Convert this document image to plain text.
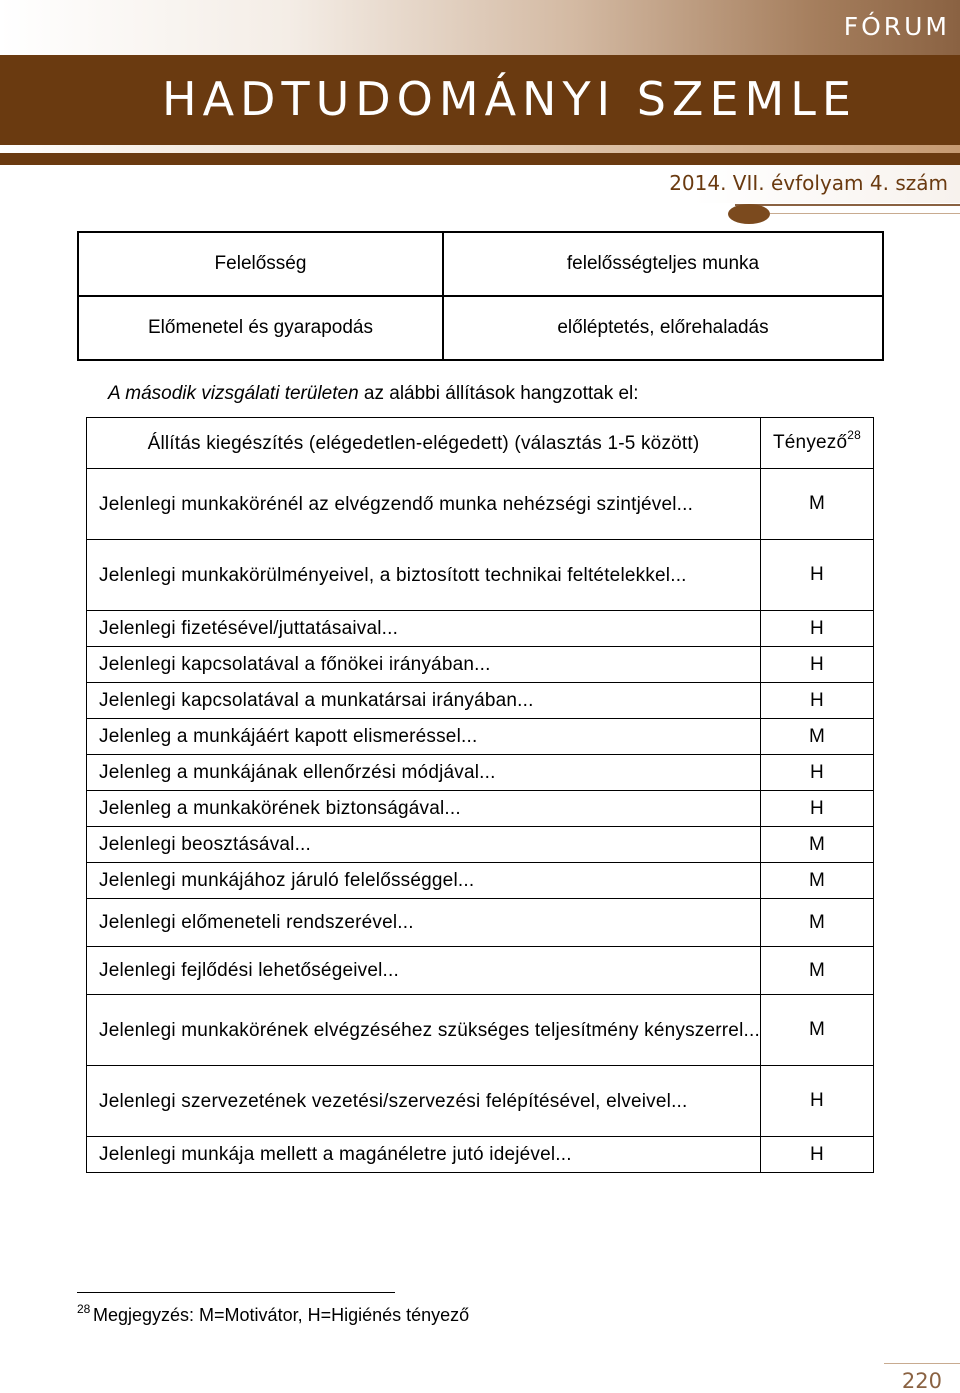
FÓRUM
HADTUDOMÁNYI SZEMLE
2014. VII. évfolyam 4. szám
Felelősség	felelősségteljes munka
Előmenetel és gyarapodás	előléptetés, előrehaladás
A második vizsgálati területen az alábbi állítások hangzottak el:
Állítás kiegészítés (elégedetlen-elégedett) (választás 1-5 között)	Tényező$^{28}$
Jelenlegi munkakörénél az elvégzendő munka nehézségi szintjével...	M
Jelenlegi munkakörülményeivel, a biztosított technikai feltételekkel...	H
Jelenlegi fizetésével/juttatásaival...	H
Jelenlegi kapcsolatával a főnökei irányában...	H
Jelenlegi kapcsolatával a munkatársai irányában...	H
Jelenleg a munkájáért kapott elismeréssel...	M
Jelenleg a munkájának ellenőrzési módjával...	H
Jelenleg a munkakörének biztonságával...	H
Jelenlegi beosztásával...	M
Jelenlegi munkájához járuló felelősséggel...	M
Jelenlegi előmeneteli rendszerével...	M
Jelenlegi fejlődési lehetőségeivel...	M
Jelenlegi munkakörének elvégzéséhez szükséges teljesítmény kényszerrel...	M
Jelenlegi szervezetének vezetési/szervezési felépítésével, elveivel...	H
Jelenlegi munkája mellett a magánéletre jutó idejével...	H
28 Megjegyzés: M=Motivátor, H=Higiénés tényező
220
